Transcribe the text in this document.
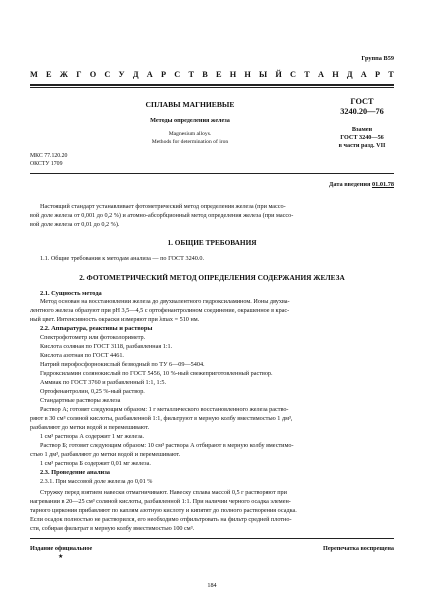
Группа В59
М Е Ж Г О С У Д А Р С Т В Е Н Н Ы Й С Т А Н Д А Р Т
СПЛАВЫ МАГНИЕВЫЕ
Методы определения железа
Magnesium alloys.
Methods for determination of iron
ГОСТ
3240.20—76
Взамен
ГОСТ 3240—56
в части разд. VII
МКС 77.120.20
ОКСТУ 1709
Дата введения 01.01.78
Настоящий стандарт устанавливает фотометрический метод определения железа (при массо-
вой доле железа от 0,001 до 0,2 %) и атомно-абсорбционный метод определения железа (при массо-
вой доле железа от 0,01 до 0,2 %).
1. ОБЩИЕ ТРЕБОВАНИЯ
1.1. Общие требования к методам анализа — по ГОСТ 3240.0.
2. ФОТОМЕТРИЧЕСКИЙ МЕТОД ОПРЕДЕЛЕНИЯ СОДЕРЖАНИЯ ЖЕЛЕЗА
2.1. Сущность метода
Метод основан на восстановлении железа до двухвалентного гидроксиламином. Ионы двухва-
лентного железа образуют при рН 3,5—4,5 с ортофенантролином соединение, окрашенное в крас-
ный цвет. Интенсивность окраски измеряют при λmax = 510 нм.
2.2. Аппаратура, реактивы и растворы
Спектрофотометр или фотоколориметр.
Кислота соляная по ГОСТ 3118, разбавленная 1:1.
Кислота азотная по ГОСТ 4461.
Натрий пирофосфорнокислый безводный по ТУ 6—09—5404.
Гидроксиламин солянокислый по ГОСТ 5456, 10 %-ный свежеприготовленный раствор.
Аммиак по ГОСТ 3760 и разбавленный 1:1, 1:5.
Ортофенантролин, 0,25 %-ный раствор.
Стандартные растворы железа
Раствор А; готовят следующим образом: 1 г металлического восстановленного железа раство-
ряют в 30 см³ соляной кислоты, разбавленной 1:1, фильтруют в мерную колбу вместимостью 1 дм³,
разбавляют до метки водой и перемешивают.
1 см³ раствора А содержит 1 мг железа.
Раствор Б; готовят следующим образом: 10 см³ раствора А отбирают в мерную колбу вместимо-
стью 1 дм³, разбавляют до метки водой и перемешивают.
1 см³ раствора Б содержит 0,01 мг железа.
2.3. Проведение анализа
2.3.1. При массовой доле железа до 0,01 %
Стружку перед взятием навески отмагничивают. Навеску сплава массой 0,5 г растворяют при
нагревании в 20—25 см³ соляной кислоты, разбавленной 1:1. При наличии черного осадка элемен-
тарного циркония прибавляют по каплям азотную кислоту и кипятят до полного растворения осадка.
Если осадок полностью не растворился, его необходимо отфильтровать на фильтр средней плотно-
сти, собирая фильтрат в мерную колбу вместимостью 100 см³.
Издание официальное
★
Перепечатка воспрещена
184
